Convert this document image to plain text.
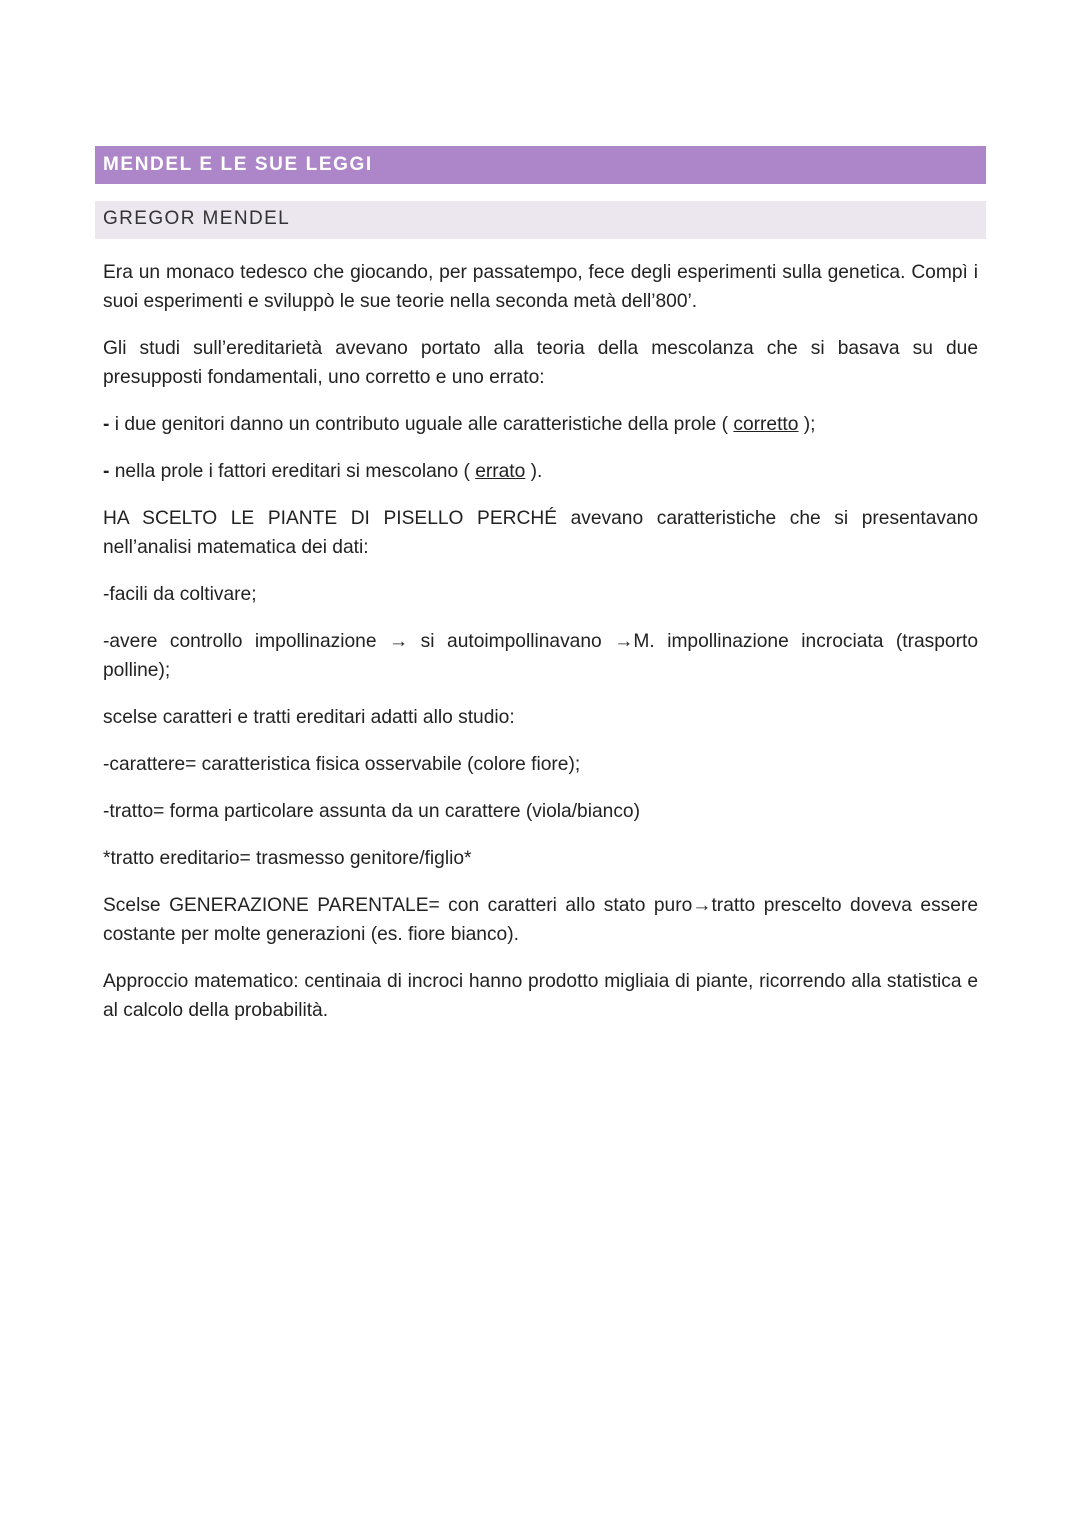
MENDEL E LE SUE LEGGI
GREGOR MENDEL

Era un monaco tedesco che giocando, per passatempo, fece degli esperimenti sulla genetica. Compì i suoi esperimenti e sviluppò le sue teorie nella seconda metà dell’800’.

Gli studi sull’ereditarietà avevano portato alla teoria della mescolanza che si basava su due presupposti fondamentali, uno corretto e uno errato:

- i due genitori danno un contributo uguale alle caratteristiche della prole ( corretto );

- nella prole i fattori ereditari si mescolano ( errato ).

HA SCELTO LE PIANTE DI PISELLO PERCHÉ avevano caratteristiche che si presentavano nell’analisi matematica dei dati:

-facili da coltivare;

-avere controllo impollinazione → si autoimpollinavano →M. impollinazione incrociata (trasporto polline);

scelse caratteri e tratti ereditari adatti allo studio:

-carattere= caratteristica fisica osservabile (colore fiore);

-tratto= forma particolare assunta da un carattere (viola/bianco)

*tratto ereditario= trasmesso genitore/figlio*

Scelse GENERAZIONE PARENTALE= con caratteri allo stato puro→tratto prescelto doveva essere costante per molte generazioni (es. fiore bianco).

Approccio matematico: centinaia di incroci hanno prodotto migliaia di piante, ricorrendo alla statistica e al calcolo della probabilità.
